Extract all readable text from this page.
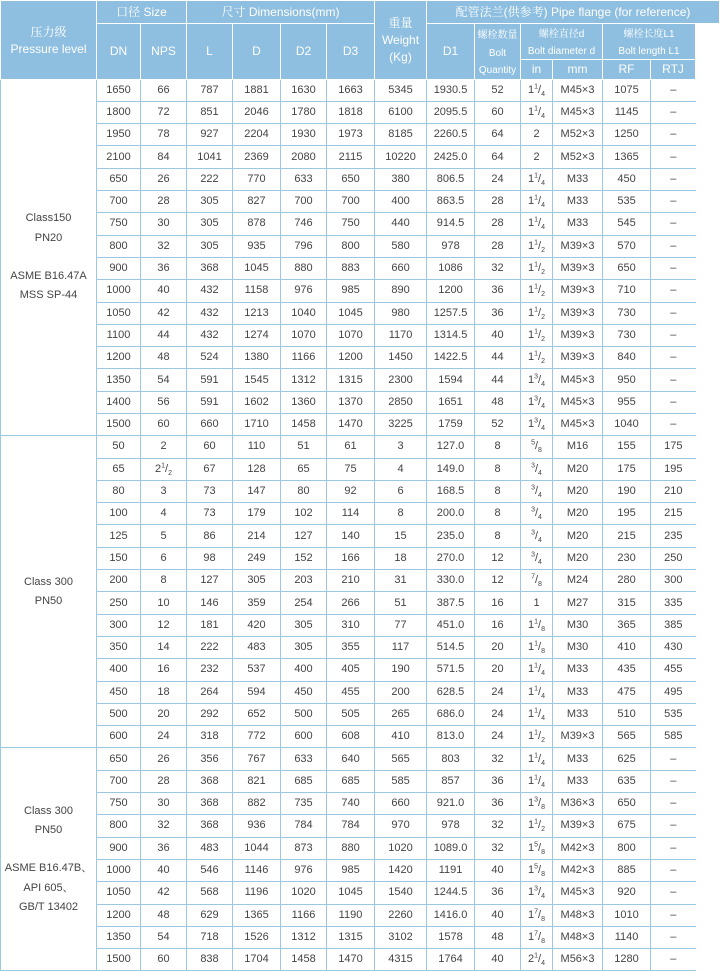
压力级
Pressure level	口径 Size		尺寸 Dimensions(mm)				重量
Weight
(Kg)	配管法兰(供参考) Pipe flange (for reference)					
	DN	NPS	L	D	D2	D3		D1	螺栓数量
Bolt
Quantity	螺栓直径d
Bolt diameter d		螺栓长度L1
Bolt length L1	
										in	mm	RF	RTJ

Class150
PN20

ASME B16.47A
MSS SP-44	1650	66	787	1881	1630	1663	5345	1930.5	52	$1^1/_4$	M45×3	1075	–
	1800	72	851	2046	1780	1818	6100	2095.5	60	$1^1/_4$	M45×3	1145	–
	1950	78	927	2204	1930	1973	8185	2260.5	64	2	M52×3	1250	–
	2100	84	1041	2369	2080	2115	10220	2425.0	64	2	M52×3	1365	–
	650	26	222	770	633	650	380	806.5	24	$1^1/_4$	M33	450	–
	700	28	305	827	700	700	400	863.5	28	$1^1/_4$	M33	535	–
	750	30	305	878	746	750	440	914.5	28	$1^1/_4$	M33	545	–
	800	32	305	935	796	800	580	978	28	$1^1/_2$	M39×3	570	–
	900	36	368	1045	880	883	660	1086	32	$1^1/_2$	M39×3	650	–
	1000	40	432	1158	976	985	890	1200	36	$1^1/_2$	M39×3	710	–
	1050	42	432	1213	1040	1045	980	1257.5	36	$1^1/_2$	M39×3	730	–
	1100	44	432	1274	1070	1070	1170	1314.5	40	$1^1/_2$	M39×3	730	–
	1200	48	524	1380	1166	1200	1450	1422.5	44	$1^1/_2$	M39×3	840	–
	1350	54	591	1545	1312	1315	2300	1594	44	$1^3/_4$	M45×3	950	–
	1400	56	591	1602	1360	1370	2850	1651	48	$1^3/_4$	M45×3	955	–
	1500	60	660	1710	1458	1470	3225	1759	52	$1^3/_4$	M45×3	1040	–

Class 300
PN50	50	2	60	110	51	61	3	127.0	8	$^5/_8$	M16	155	175
	65	$2^1/_2$	67	128	65	75	4	149.0	8	$^3/_4$	M20	175	195
	80	3	73	147	80	92	6	168.5	8	$^3/_4$	M20	190	210
	100	4	73	179	102	114	8	200.0	8	$^3/_4$	M20	195	215
	125	5	86	214	127	140	15	235.0	8	$^3/_4$	M20	215	235
	150	6	98	249	152	166	18	270.0	12	$^3/_4$	M20	230	250
	200	8	127	305	203	210	31	330.0	12	$^7/_8$	M24	280	300
	250	10	146	359	254	266	51	387.5	16	1	M27	315	335
	300	12	181	420	305	310	77	451.0	16	$1^1/_8$	M30	365	385
	350	14	222	483	305	355	117	514.5	20	$1^1/_8$	M30	410	430
	400	16	232	537	400	405	190	571.5	20	$1^1/_4$	M33	435	455
	450	18	264	594	450	455	200	628.5	24	$1^1/_4$	M33	475	495
	500	20	292	652	500	505	265	686.0	24	$1^1/_4$	M33	510	535
	600	24	318	772	600	608	410	813.0	24	$1^1/_2$	M39×3	565	585

Class 300
PN50

ASME B16.47B、
API 605、
GB/T 13402	650	26	356	767	633	640	565	803	32	$1^1/_4$	M33	625	–
	700	28	368	821	685	685	585	857	36	$1^1/_4$	M33	635	–
	750	30	368	882	735	740	660	921.0	36	$1^3/_8$	M36×3	650	–
	800	32	368	936	784	784	970	978	32	$1^1/_2$	M39×3	675	–
	900	36	483	1044	873	880	1020	1089.0	32	$1^5/_8$	M42×3	800	–
	1000	40	546	1146	976	985	1420	1191	40	$1^5/_8$	M42×3	885	–
	1050	42	568	1196	1020	1045	1540	1244.5	36	$1^3/_4$	M45×3	920	–
	1200	48	629	1365	1166	1190	2260	1416.0	40	$1^7/_8$	M48×3	1010	–
	1350	54	718	1526	1312	1315	3102	1578	48	$1^7/_8$	M48×3	1140	–
	1500	60	838	1704	1458	1470	4315	1764	40	$2^1/_4$	M56×3	1280	–
